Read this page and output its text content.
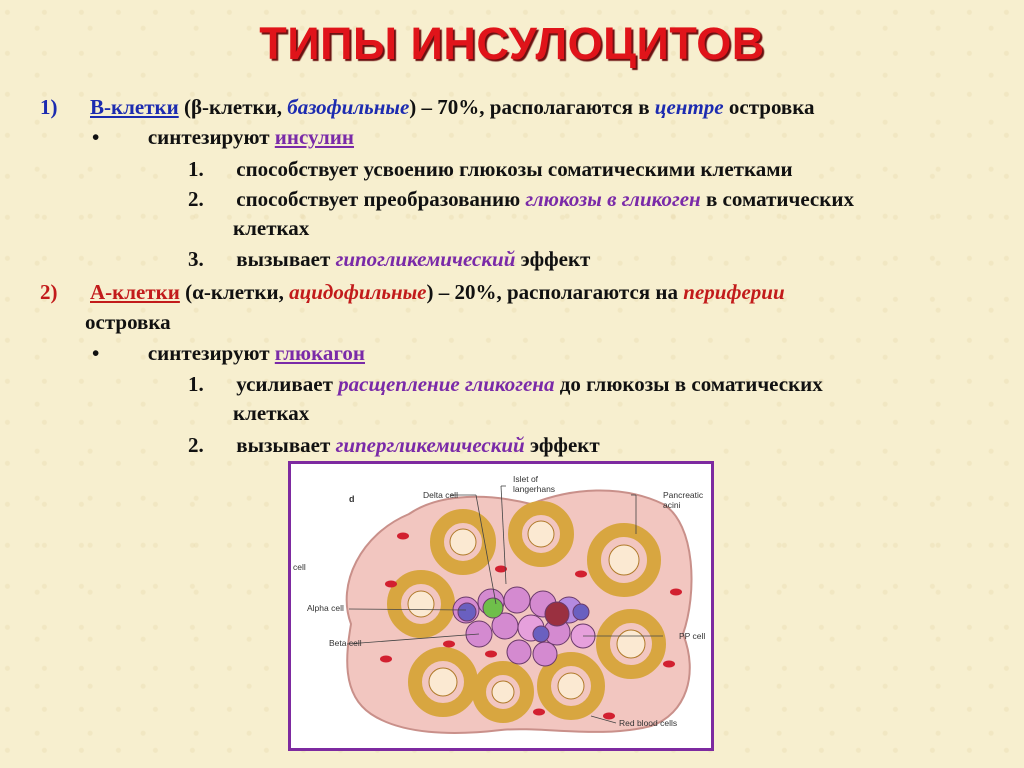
ТИПЫ ИНСУЛОЦИТОВ
1) В-клетки (β-клетки, базофильные) – 70%, располагаются в центре островка
• синтезируют инсулин
1. способствует усвоению глюкозы соматическими клетками
2. способствует преобразованию глюкозы в гликоген в соматических
клетках
3. вызывает гипогликемический эффект
2) А-клетки (α-клетки, ацидофильные) – 20%, располагаются на периферии
островка
• синтезируют глюкагон
1. усиливает расщепление гликогена до глюкозы в соматических
клетках
2. вызывает гипергликемический эффект
d	Delta cell
Islet of
langerhans
Pancreatic
acini
cell
Alpha cell
Beta cell
PP cell
Red blood cells
